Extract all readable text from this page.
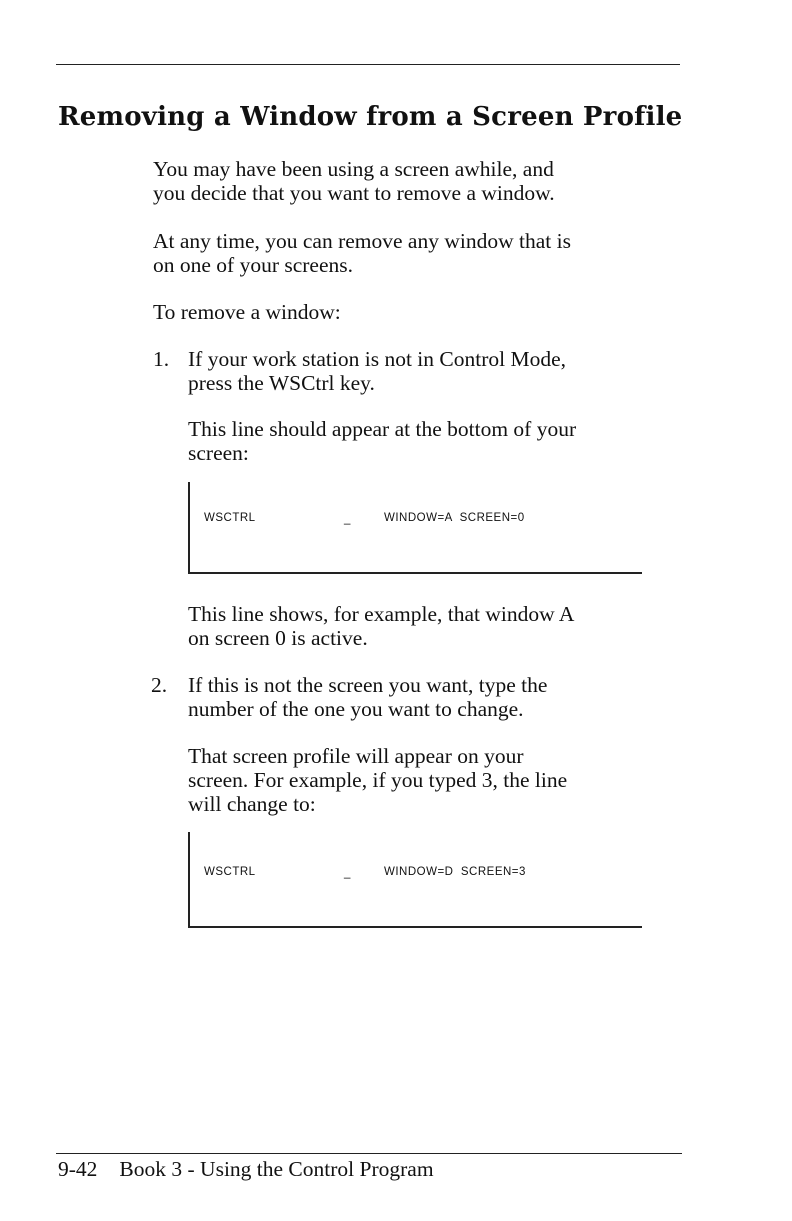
Removing a Window from a Screen Profile

You may have been using a screen awhile, and

you decide that you want to remove a window.

At any time, you can remove any window that is

on one of your screens.

To remove a window:

1. If your work station is not in Control Mode,

press the WSCtrl key.

This line should appear at the bottom of your

screen:

WSCTRL	_	WINDOW=A  SCREEN=0

This line shows, for example, that window A

on screen 0 is active.

2. If this is not the screen you want, type the

number of the one you want to change.

That screen profile will appear on your

screen. For example, if you typed 3, the line

will change to:

WSCTRL	_	WINDOW=D  SCREEN=3

9-42 Book 3 - Using the Control Program
